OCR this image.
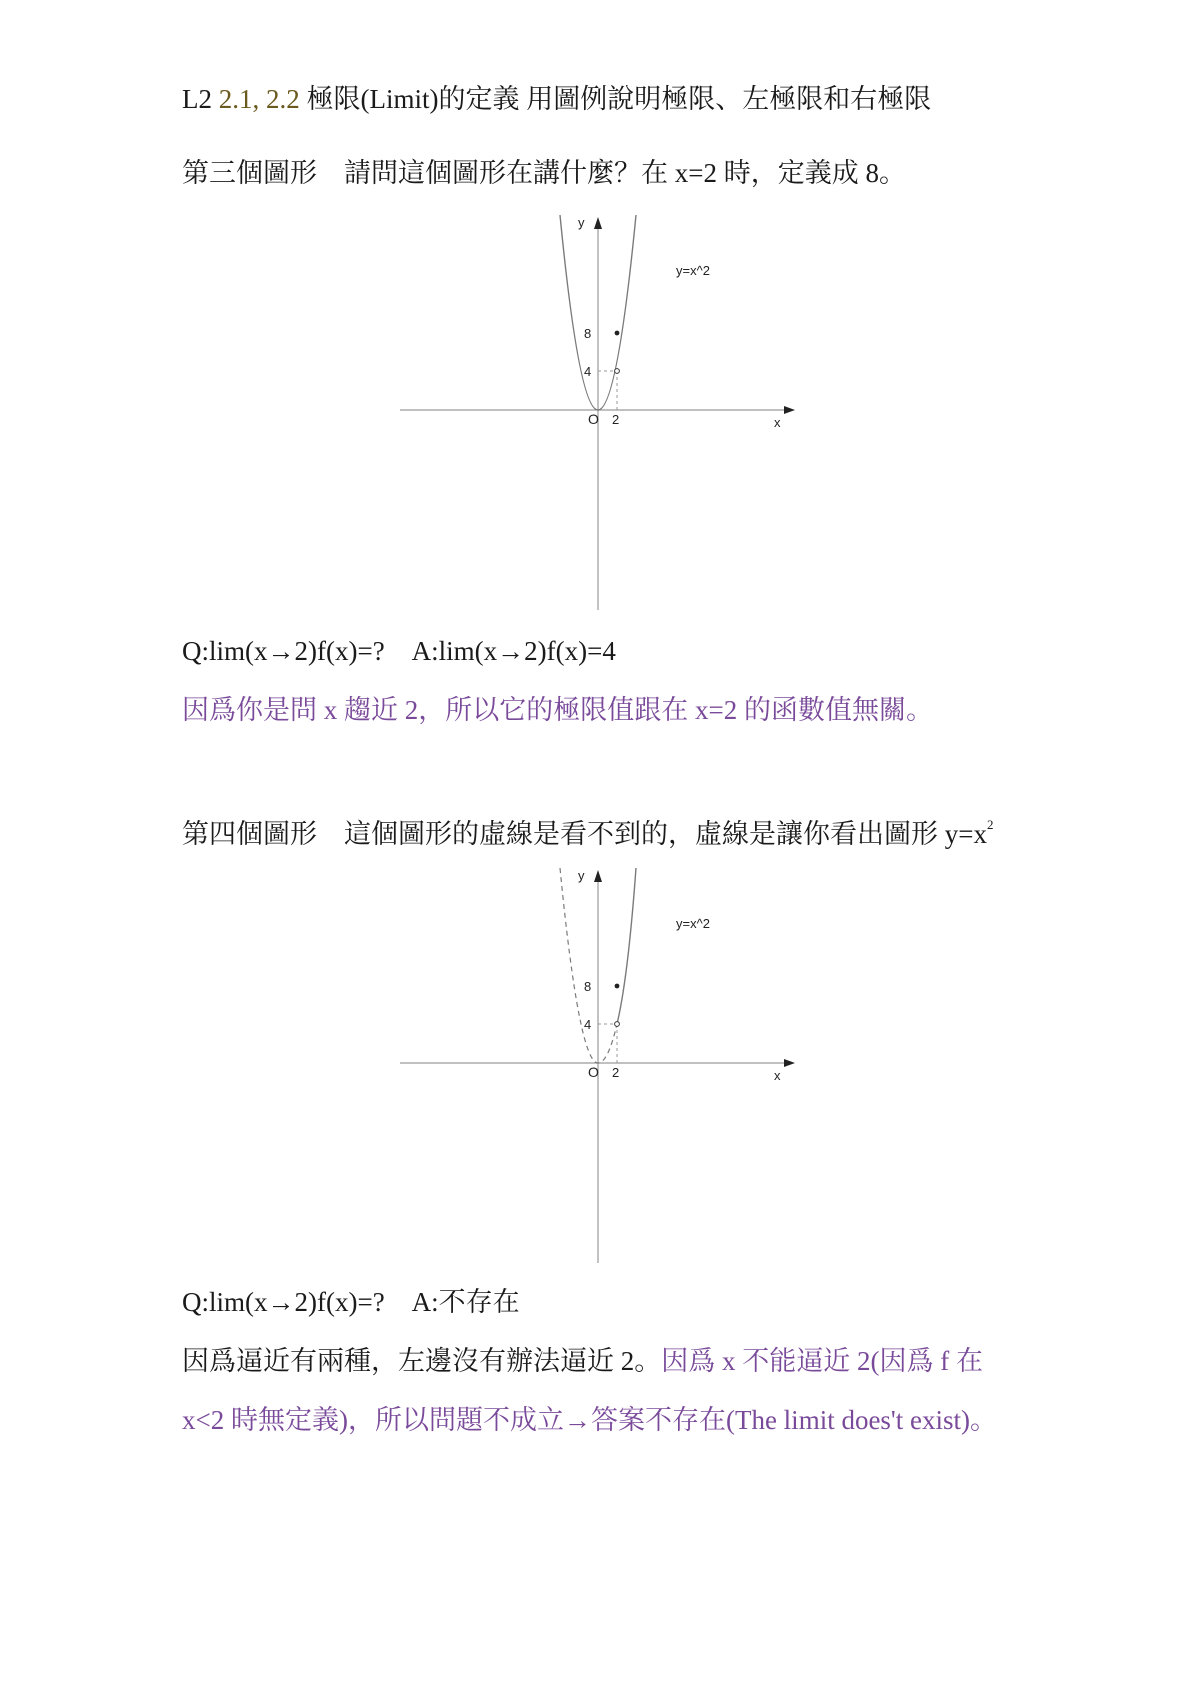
L2 2.1, 2.2 極限(Limit)的定義 用圖例說明極限、左極限和右極限
第三個圖形　請問這個圖形在講什麼？在 x=2 時，定義成 8。
y
x
O 2
4
8
y=x^2
Q:lim(x→2)f(x)=?　A:lim(x→2)f(x)=4
因爲你是問 x 趨近 2，所以它的極限值跟在 x=2 的函數值無關。
第四個圖形　這個圖形的虛線是看不到的，虛線是讓你看出圖形 $y=x^2$
y
x
O 2
4
8
y=x^2
Q:lim(x→2)f(x)=?　A:不存在
因爲逼近有兩種，左邊沒有辦法逼近 2。因爲 x 不能逼近 2(因爲 f 在
x<2 時無定義)，所以問題不成立→答案不存在(The limit does't exist)。
